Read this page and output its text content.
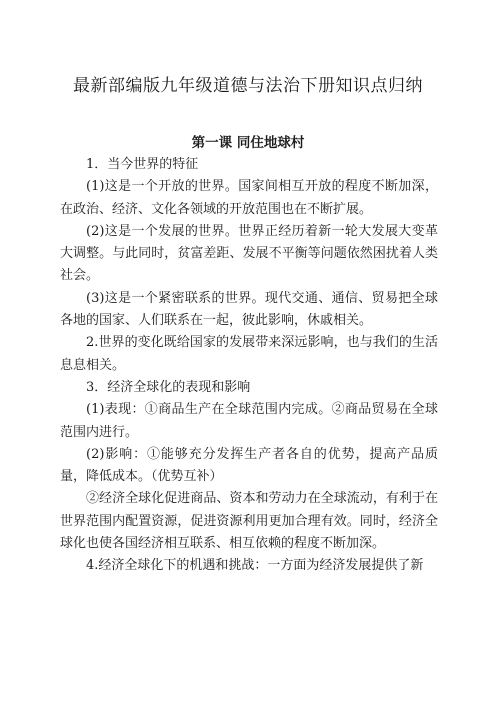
最新部编版九年级道德与法治下册知识点归纳
第一课 同住地球村

1．当今世界的特征

(1)这是一个开放的世界。国家间相互开放的程度不断加深，在政治、经济、文化各领域的开放范围也在不断扩展。

(2)这是一个发展的世界。世界正经历着新一轮大发展大变革大调整。与此同时，贫富差距、发展不平衡等问题依然困扰着人类社会。

(3)这是一个紧密联系的世界。现代交通、通信、贸易把全球各地的国家、人们联系在一起，彼此影响，休戚相关。

2.世界的变化既给国家的发展带来深远影响，也与我们的生活息息相关。

3．经济全球化的表现和影响

(1)表现：①商品生产在全球范围内完成。②商品贸易在全球范围内进行。

(2)影响：①能够充分发挥生产者各自的优势，提高产品质量，降低成本。（优势互补）

②经济全球化促进商品、资本和劳动力在全球流动，有利于在世界范围内配置资源，促进资源利用更加合理有效。同时，经济全球化也使各国经济相互联系、相互依赖的程度不断加深。

4.经济全球化下的机遇和挑战：一方面为经济发展提供了新
